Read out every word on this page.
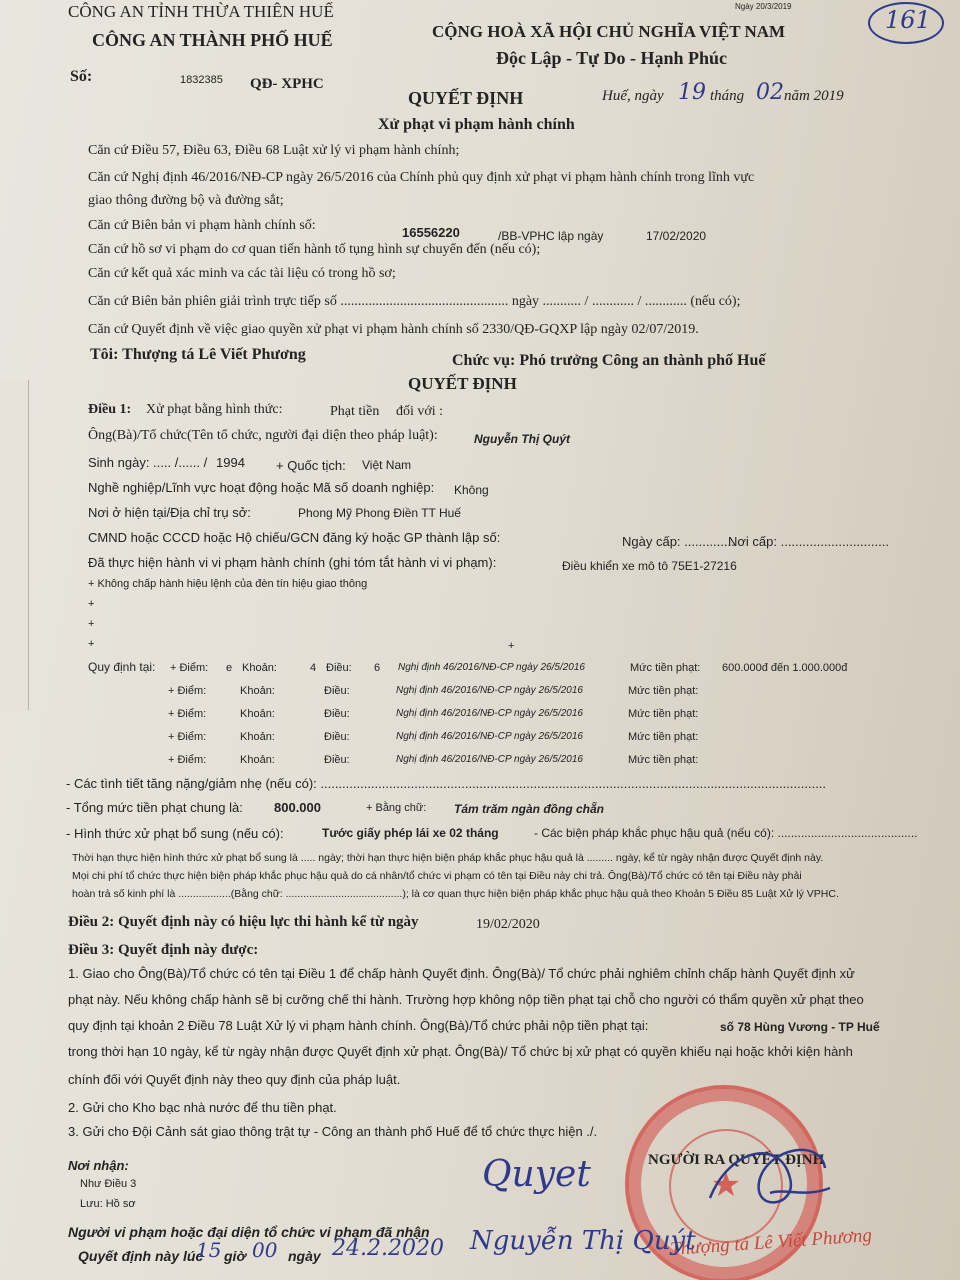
CÔNG AN TỈNH THỪA THIÊN HUẾ
CÔNG AN THÀNH PHỐ HUẾ
Số:	1832385 QĐ- XPHC
Ngày 20/3/2019	161
CỘNG HOÀ XÃ HỘI CHỦ NGHĨA VIỆT NAM
Độc Lập - Tự Do - Hạnh Phúc
Huế, ngày 19 tháng 02 năm 2019
QUYẾT ĐỊNH
Xử phạt vi phạm hành chính
Căn cứ Điều 57, Điều 63, Điều 68 Luật xử lý vi phạm hành chính;
Căn cứ Nghị định 46/2016/NĐ-CP ngày 26/5/2016 của Chính phủ quy định xử phạt vi phạm hành chính trong lĩnh vực
giao thông đường bộ và đường sắt;
Căn cứ Biên bản vi phạm hành chính số:	16556220	/BB-VPHC lập ngày	17/02/2020
Căn cứ hồ sơ vi phạm do cơ quan tiến hành tố tụng hình sự chuyển đến (nếu có);
Căn cứ kết quả xác minh va các tài liệu có trong hồ sơ;
Căn cứ Biên bản phiên giải trình trực tiếp số ................................................ ngày ........... / ............ / ............ (nếu có);
Căn cứ Quyết định về việc giao quyền xử phạt vi phạm hành chính số 2330/QĐ-GQXP lập ngày 02/07/2019.
Tôi: Thượng tá Lê Viết Phương	Chức vụ: Phó trưởng Công an thành phố Huế
QUYẾT ĐỊNH
Điều 1: Xử phạt bằng hình thức:	Phạt tiền đối với :
Ông(Bà)/Tổ chức(Tên tổ chức, người đại diện theo pháp luật):	Nguyễn Thị Quýt
Sinh ngày: ..... /...... / 1994 + Quốc tịch: Việt Nam
Nghề nghiệp/Lĩnh vực hoạt động hoặc Mã số doanh nghiệp: Không
Nơi ở hiện tại/Địa chỉ trụ sở:	Phong Mỹ Phong Điền TT Huế
CMND hoặc CCCD hoặc Hộ chiếu/GCN đăng ký hoặc GP thành lập số:	Ngày cấp: ..............
Nơi cấp: ..............................
Đã thực hiện hành vi vi phạm hành chính (ghi tóm tắt hành vi vi phạm):	Điều khiển xe mô tô 75E1-27216
+ Không chấp hành hiệu lệnh của đèn tín hiệu giao thông
+
+
+	+
Quy định tại: + Điểm: e Khoản:	4 Điều: 6 Nghị định 46/2016/NĐ-CP ngày 26/5/2016	Mức tiền phạt: 600.000đ đến 1.000.000đ
+ Điểm:	Khoản:	Điều:	Nghị định 46/2016/NĐ-CP ngày 26/5/2016	Mức tiền phạt:
+ Điểm:	Khoản:	Điều:	Nghị định 46/2016/NĐ-CP ngày 26/5/2016	Mức tiền phạt:
+ Điểm:	Khoản:	Điều:	Nghị định 46/2016/NĐ-CP ngày 26/5/2016	Mức tiền phạt:
+ Điểm:	Khoản:	Điều:	Nghị định 46/2016/NĐ-CP ngày 26/5/2016	Mức tiền phạt:
- Các tình tiết tăng nặng/giảm nhẹ (nếu có): ............................................................................................................................................
- Tổng mức tiền phạt chung là: 800.000	+ Bằng chữ: Tám trăm ngàn đồng chẵn
- Hình thức xử phạt bổ sung (nếu có):	Tước giấy phép lái xe 02 tháng	- Các biện pháp khắc phục hậu quả (nếu có): ..........................................
Thời hạn thực hiện hình thức xử phạt bổ sung là ..... ngày; thời hạn thực hiện biện pháp khắc phục hậu quả là ......... ngày, kể từ ngày nhận được Quyết định này.
Mọi chi phí tổ chức thực hiện biện pháp khắc phục hậu quả do cá nhân/tổ chức vi phạm có tên tại Điều này chi trả. Ông(Bà)/Tổ chức có tên tại Điều này phải
hoàn trả số kinh phí là ..................(Bằng chữ: ........................................); là cơ quan thực hiện biện pháp khắc phục hậu quả theo Khoản 5 Điều 85 Luật Xử lý VPHC.
Điều 2: Quyết định này có hiệu lực thi hành kể từ ngày	19/02/2020
Điều 3: Quyết định này được:
1. Giao cho Ông(Bà)/Tổ chức có tên tại Điều 1 để chấp hành Quyết định. Ông(Bà)/ Tổ chức phải nghiêm chỉnh chấp hành Quyết định xử
phạt này. Nếu không chấp hành sẽ bị cưỡng chế thi hành. Trường hợp không nộp tiền phạt tại chỗ cho người có thẩm quyền xử phạt theo
quy định tại khoản 2 Điều 78 Luật Xử lý vi phạm hành chính. Ông(Bà)/Tổ chức phải nộp tiền phạt tại:	số 78 Hùng Vương - TP Huế
trong thời hạn 10 ngày, kể từ ngày nhận được Quyết định xử phạt. Ông(Bà)/ Tổ chức bị xử phạt có quyền khiếu nại hoặc khởi kiện hành
chính đối với Quyết định này theo quy định của pháp luật.
2. Gửi cho Kho bạc nhà nước để thu tiền phạt.
3. Gửi cho Đội Cảnh sát giao thông trật tự - Công an thành phố Huế để tổ chức thực hiện ./.
Nơi nhận:
Như Điều 3
Lưu: Hồ sơ	★
NGƯỜI RA QUYẾT ĐỊNH
Thượng tá Lê Viết Phương
Người vi phạm hoặc đại diện tổ chức vi phạm đã nhận
Quyết định này lúc
15 giờ 00 ngày 24.2.2020
Quyet
Nguyễn Thị Quýt
